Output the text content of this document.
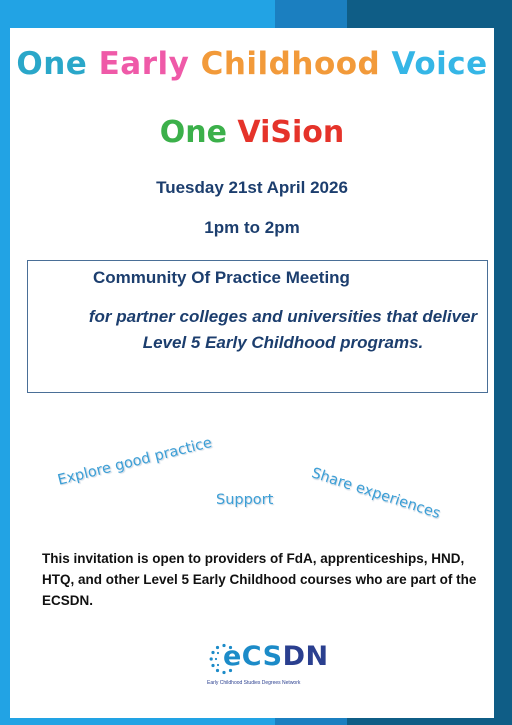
One Early Childhood Voice
One ViSion
Tuesday 21st April 2026
1pm to 2pm
Community Of Practice Meeting
for partner colleges and universities that deliver Level 5 Early Childhood programs.
Explore good practice
Share experiences
Support
This invitation is open to providers of FdA, apprenticeships, HND, HTQ, and other Level 5 Early Childhood courses who are part of the ECSDN.
eCSDN
Early Childhood Studies Degrees Network
